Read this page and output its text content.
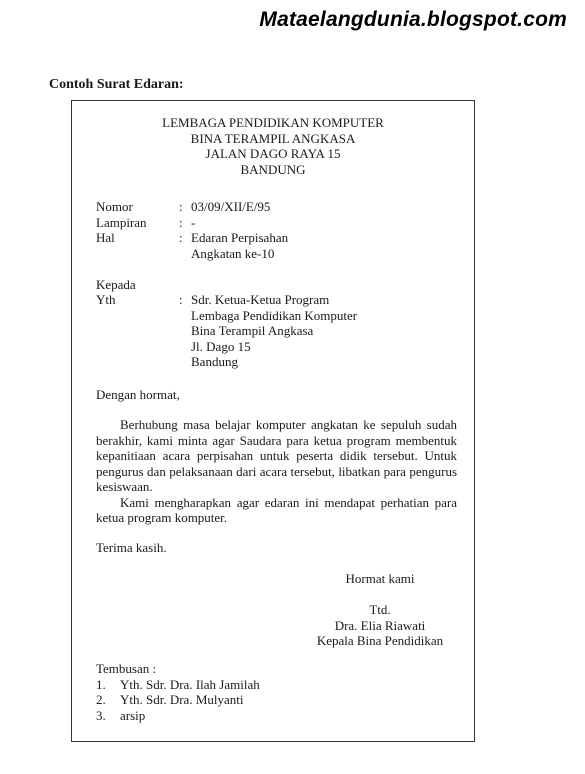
Mataelangdunia.blogspot.com
Contoh Surat Edaran:
LEMBAGA PENDIDIKAN KOMPUTER
BINA TERAMPIL ANGKASA
JALAN DAGO RAYA 15
BANDUNG
Nomor	: 03/09/XII/E/95
Lampiran	: -
Hal	: Edaran Perpisahan
Angkatan ke-10
Kepada
Yth	: Sdr. Ketua-Ketua Program
Lembaga Pendidikan Komputer
Bina Terampil Angkasa
Jl. Dago 15
Bandung
Dengan hormat,

Berhubung masa belajar komputer angkatan ke sepuluh sudah berakhir, kami minta agar Saudara para ketua program membentuk kepanitiaan acara perpisahan untuk peserta didik tersebut. Untuk pengurus dan pelaksanaan dari acara tersebut, libatkan para pengurus kesiswaan.

Kami mengharapkan agar edaran ini mendapat perhatian para ketua program komputer.

Terima kasih.
Hormat kami
Ttd.
Dra. Elia Riawati
Kepala Bina Pendidikan
Tembusan :
1.	Yth. Sdr. Dra. Ilah Jamilah
2.	Yth. Sdr. Dra. Mulyanti
3.	arsip
